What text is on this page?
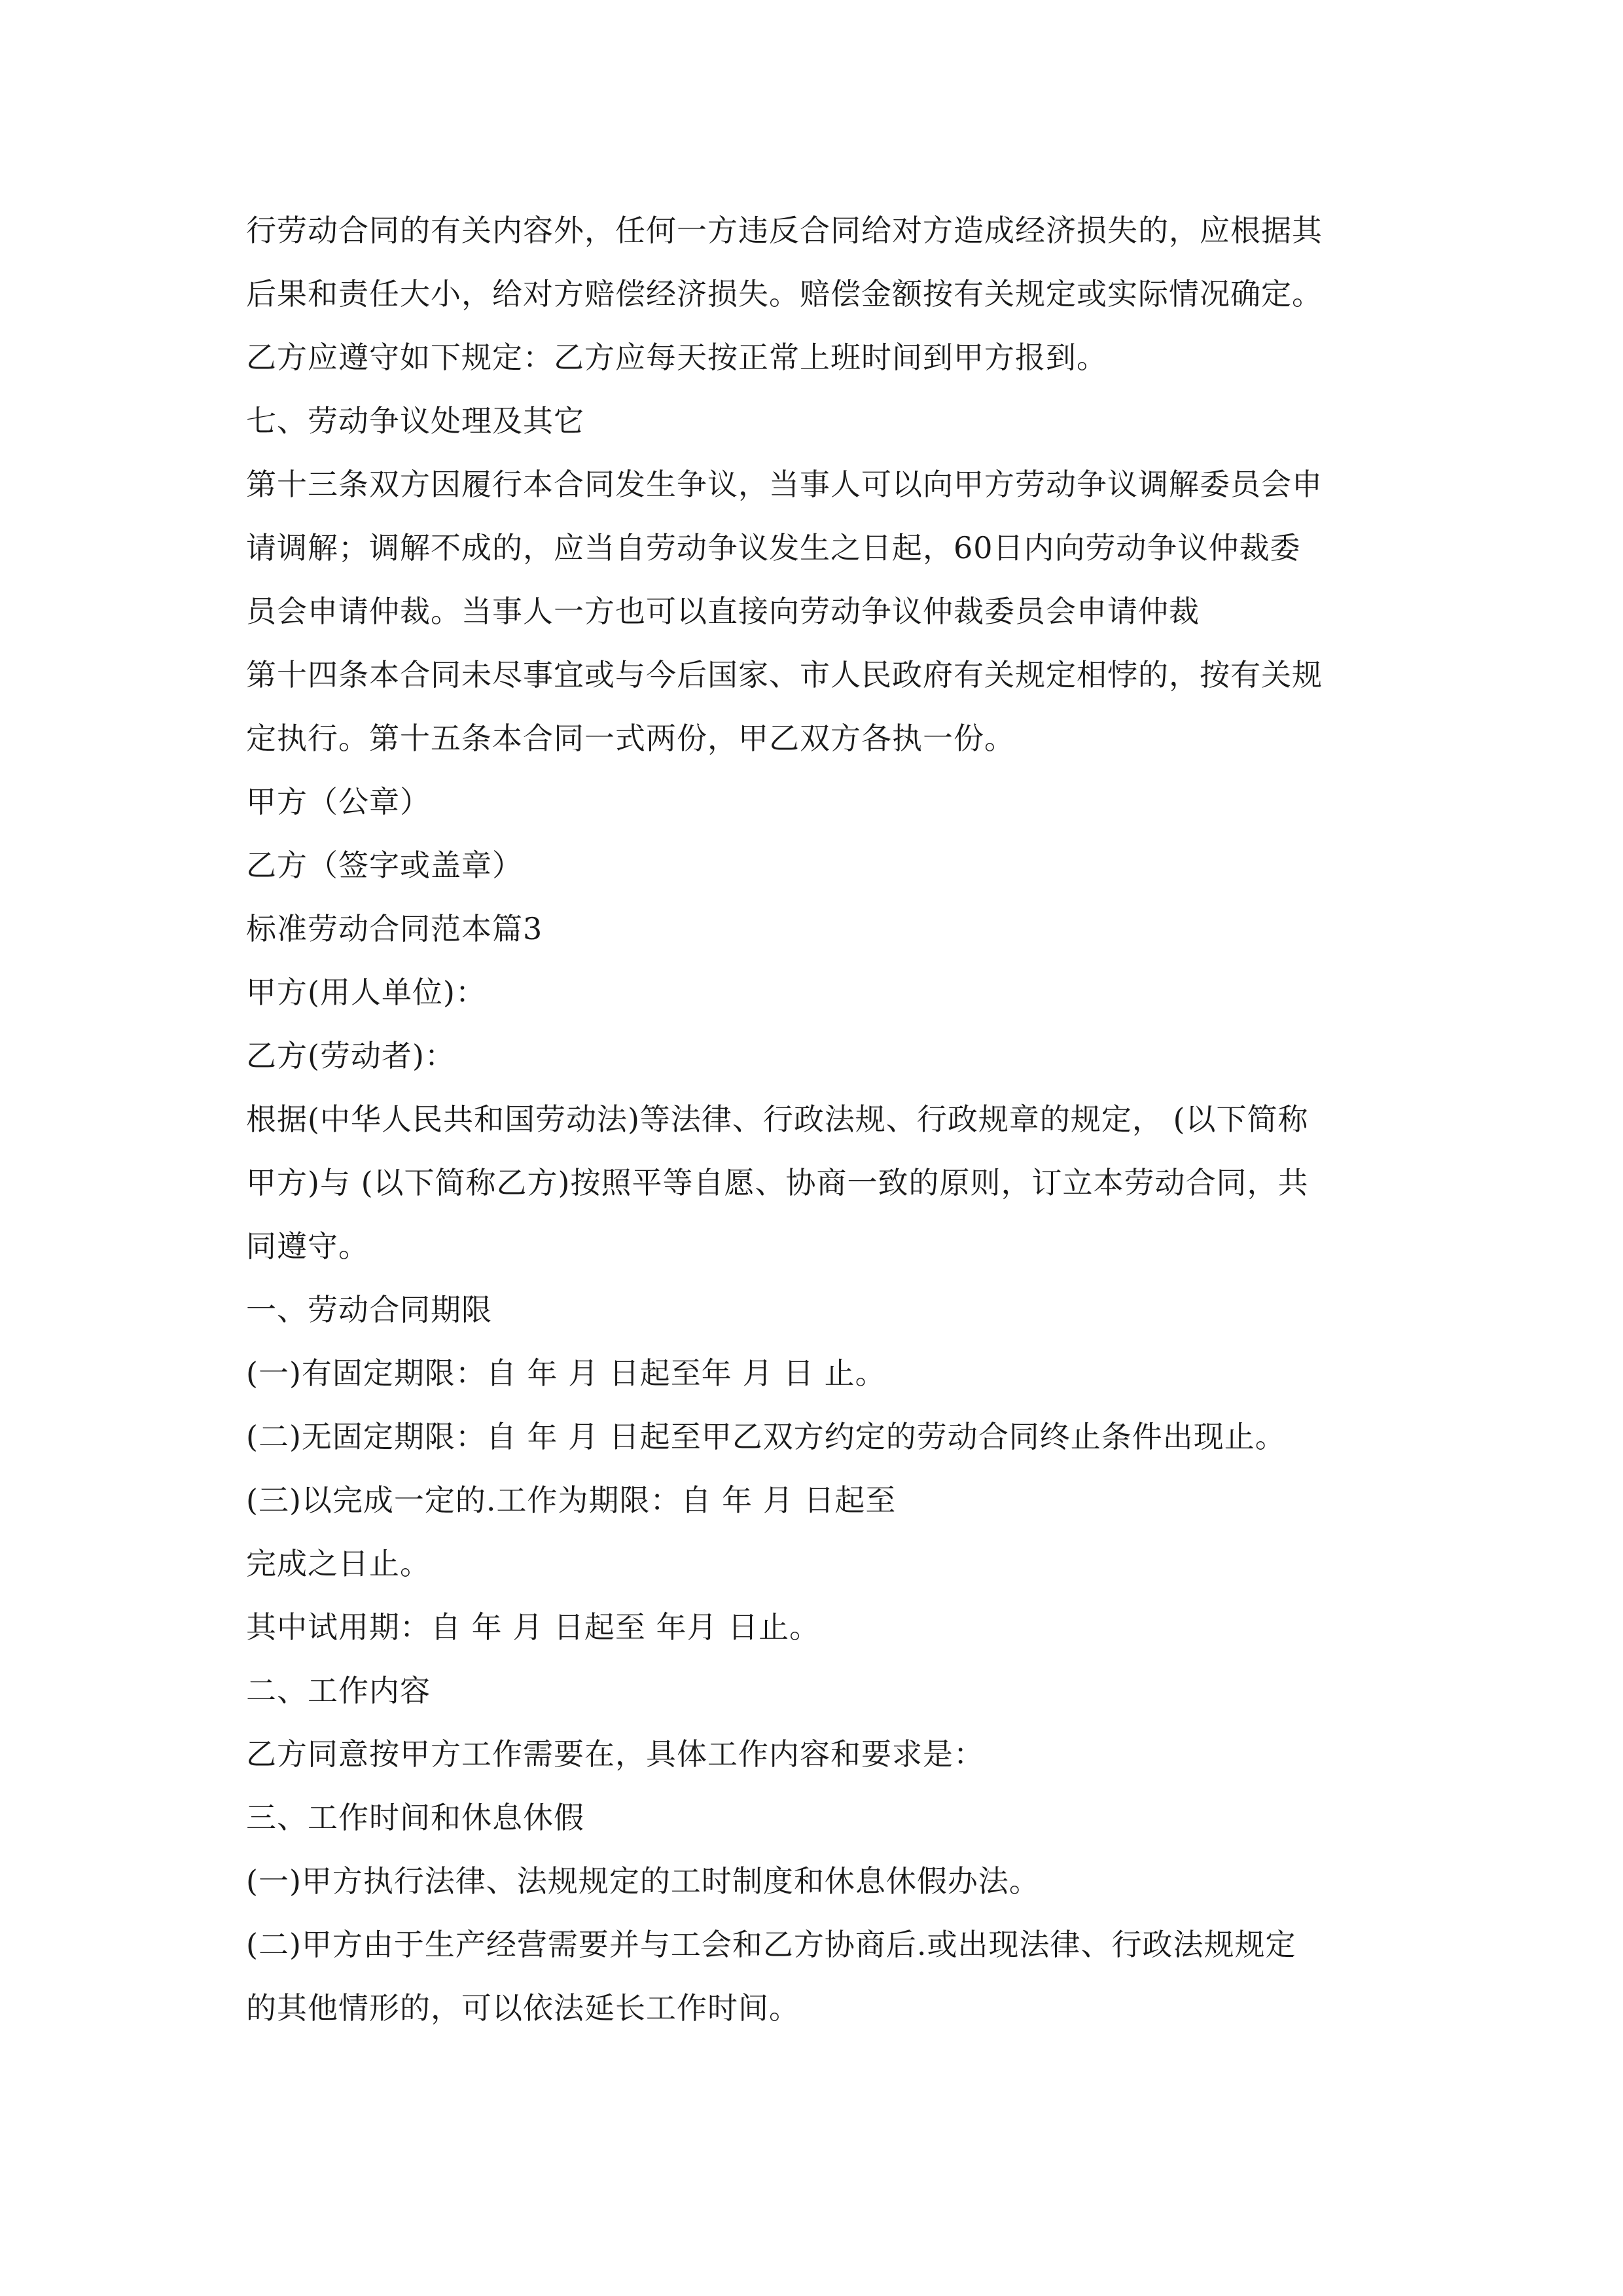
行劳动合同的有关内容外，任何一方违反合同给对方造成经济损失的，应根据其
后果和责任大小，给对方赔偿经济损失。赔偿金额按有关规定或实际情况确定。
乙方应遵守如下规定：乙方应每天按正常上班时间到甲方报到。
七、劳动争议处理及其它
第十三条双方因履行本合同发生争议，当事人可以向甲方劳动争议调解委员会申
请调解；调解不成的，应当自劳动争议发生之日起，60日内向劳动争议仲裁委
员会申请仲裁。当事人一方也可以直接向劳动争议仲裁委员会申请仲裁
第十四条本合同未尽事宜或与今后国家、市人民政府有关规定相悖的，按有关规
定执行。第十五条本合同一式两份，甲乙双方各执一份。
甲方（公章）
乙方（签字或盖章）
标准劳动合同范本篇3
甲方(用人单位)：
乙方(劳动者)：
根据(中华人民共和国劳动法)等法律、行政法规、行政规章的规定， (以下简称
甲方)与 (以下简称乙方)按照平等自愿、协商一致的原则，订立本劳动合同，共
同遵守。
一、劳动合同期限
(一)有固定期限：自 年 月 日起至年 月 日 止。
(二)无固定期限：自 年 月 日起至甲乙双方约定的劳动合同终止条件出现止。
(三)以完成一定的.工作为期限：自 年 月 日起至
完成之日止。
其中试用期：自 年 月 日起至 年月 日止。
二、工作内容
乙方同意按甲方工作需要在，具体工作内容和要求是：
三、工作时间和休息休假
(一)甲方执行法律、法规规定的工时制度和休息休假办法。
(二)甲方由于生产经营需要并与工会和乙方协商后.或出现法律、行政法规规定
的其他情形的，可以依法延长工作时间。
